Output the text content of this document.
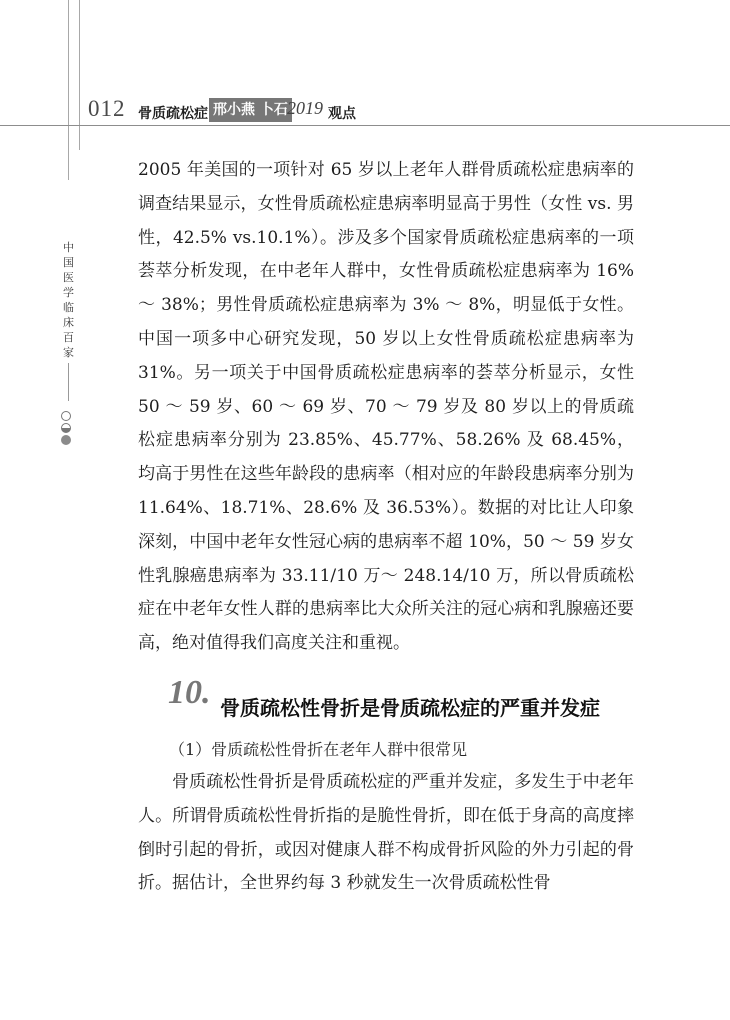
012 骨质疏松症 邢小燕 卜石 2019 观点
中国医学临床百家
2005 年美国的一项针对 65 岁以上老年人群骨质疏松症患病率的调查结果显示，女性骨质疏松症患病率明显高于男性（女性 vs. 男性，42.5% vs.10.1%）。涉及多个国家骨质疏松症患病率的一项荟萃分析发现，在中老年人群中，女性骨质疏松症患病率为 16% ～ 38%；男性骨质疏松症患病率为 3% ～ 8%，明显低于女性。中国一项多中心研究发现，50 岁以上女性骨质疏松症患病率为 31%。另一项关于中国骨质疏松症患病率的荟萃分析显示，女性 50 ～ 59 岁、60 ～ 69 岁、70 ～ 79 岁及 80 岁以上的骨质疏松症患病率分别为 23.85%、45.77%、58.26% 及 68.45%，均高于男性在这些年龄段的患病率（相对应的年龄段患病率分别为 11.64%、18.71%、28.6% 及 36.53%）。数据的对比让人印象深刻，中国中老年女性冠心病的患病率不超 10%，50 ～ 59 岁女性乳腺癌患病率为 33.11/10 万～ 248.14/10 万，所以骨质疏松症在中老年女性人群的患病率比大众所关注的冠心病和乳腺癌还要高，绝对值得我们高度关注和重视。
10. 骨质疏松性骨折是骨质疏松症的严重并发症
（1）骨质疏松性骨折在老年人群中很常见
骨质疏松性骨折是骨质疏松症的严重并发症，多发生于中老年人。所谓骨质疏松性骨折指的是脆性骨折，即在低于身高的高度摔倒时引起的骨折，或因对健康人群不构成骨折风险的外力引起的骨折。据估计，全世界约每 3 秒就发生一次骨质疏松性骨
